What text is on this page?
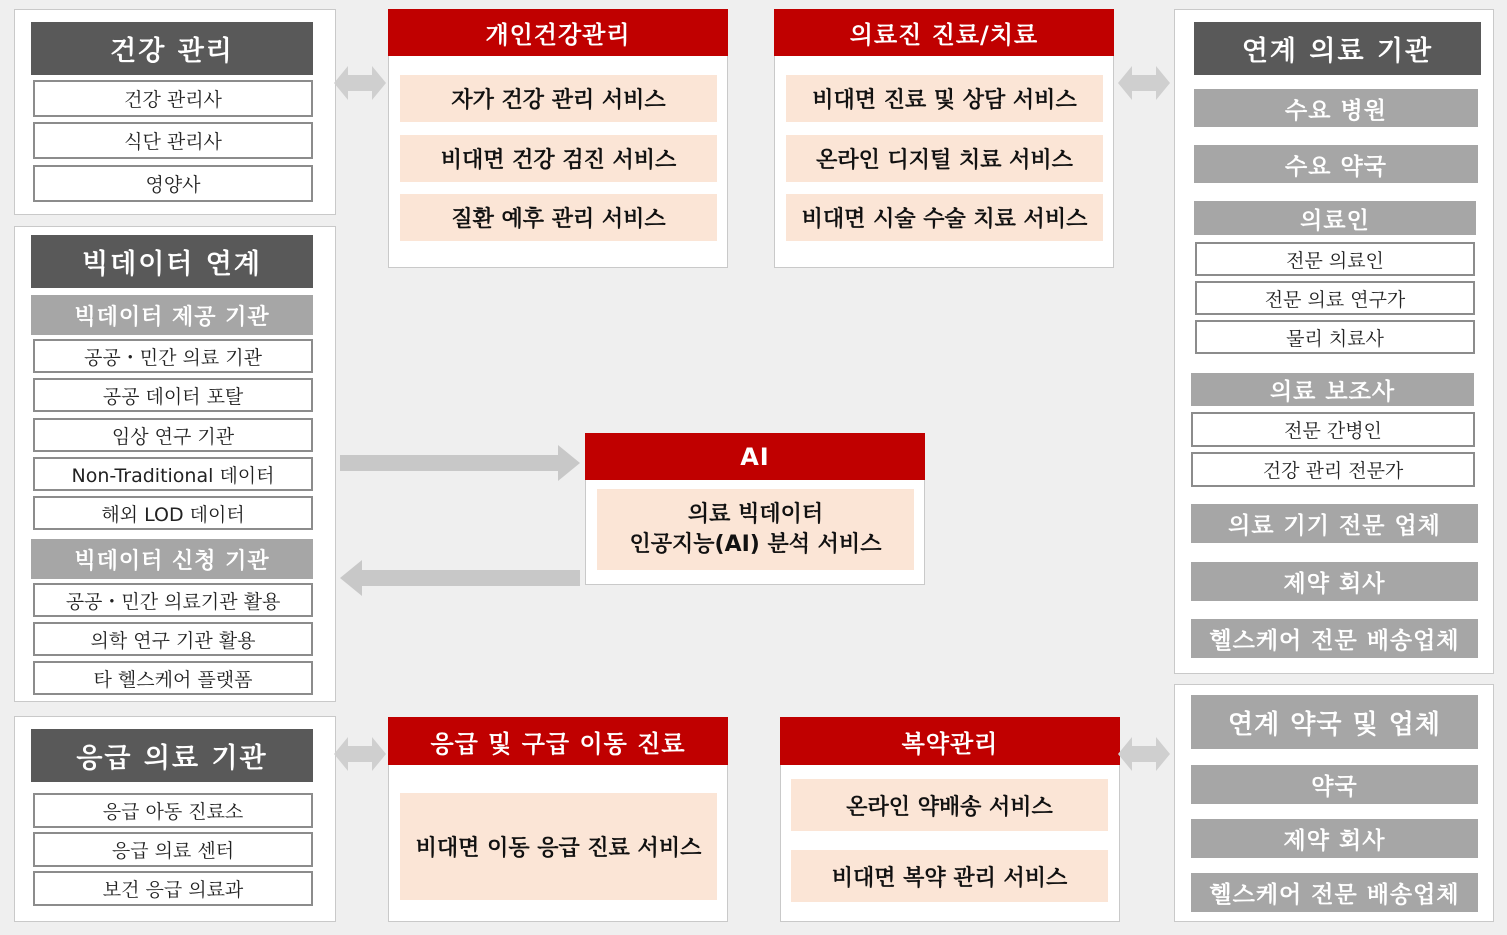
건강 관리
건강 관리사
식단 관리사
영양사
빅데이터 연계
빅데이터 제공 기관
공공・민간 의료 기관
공공 데이터 포탈
임상 연구 기관
Non-Traditional 데이터
해외 LOD 데이터
빅데이터 신청 기관
공공・민간 의료기관 활용
의학 연구 기관 활용
타 헬스케어 플랫폼
응급 의료 기관
응급 아동 진료소
응급 의료 센터
보건 응급 의료과
개인건강관리
자가 건강 관리 서비스
비대면 건강 검진 서비스
질환 예후 관리 서비스
의료진 진료/치료
비대면 진료 및 상담 서비스
온라인 디지털 치료 서비스
비대면 시술 수술 치료 서비스
AI
의료 빅데이터
인공지능(AI) 분석 서비스
응급 및 구급 이동 진료
비대면 이동 응급 진료 서비스
복약관리
온라인 약배송 서비스
비대면 복약 관리 서비스
연계 의료 기관
수요 병원
수요 약국
의료인
전문 의료인
전문 의료 연구가
물리 치료사
의료 보조사
전문 간병인
건강 관리 전문가
의료 기기 전문 업체
제약 회사
헬스케어 전문 배송업체
연계 약국 및 업체
약국
제약 회사
헬스케어 전문 배송업체
